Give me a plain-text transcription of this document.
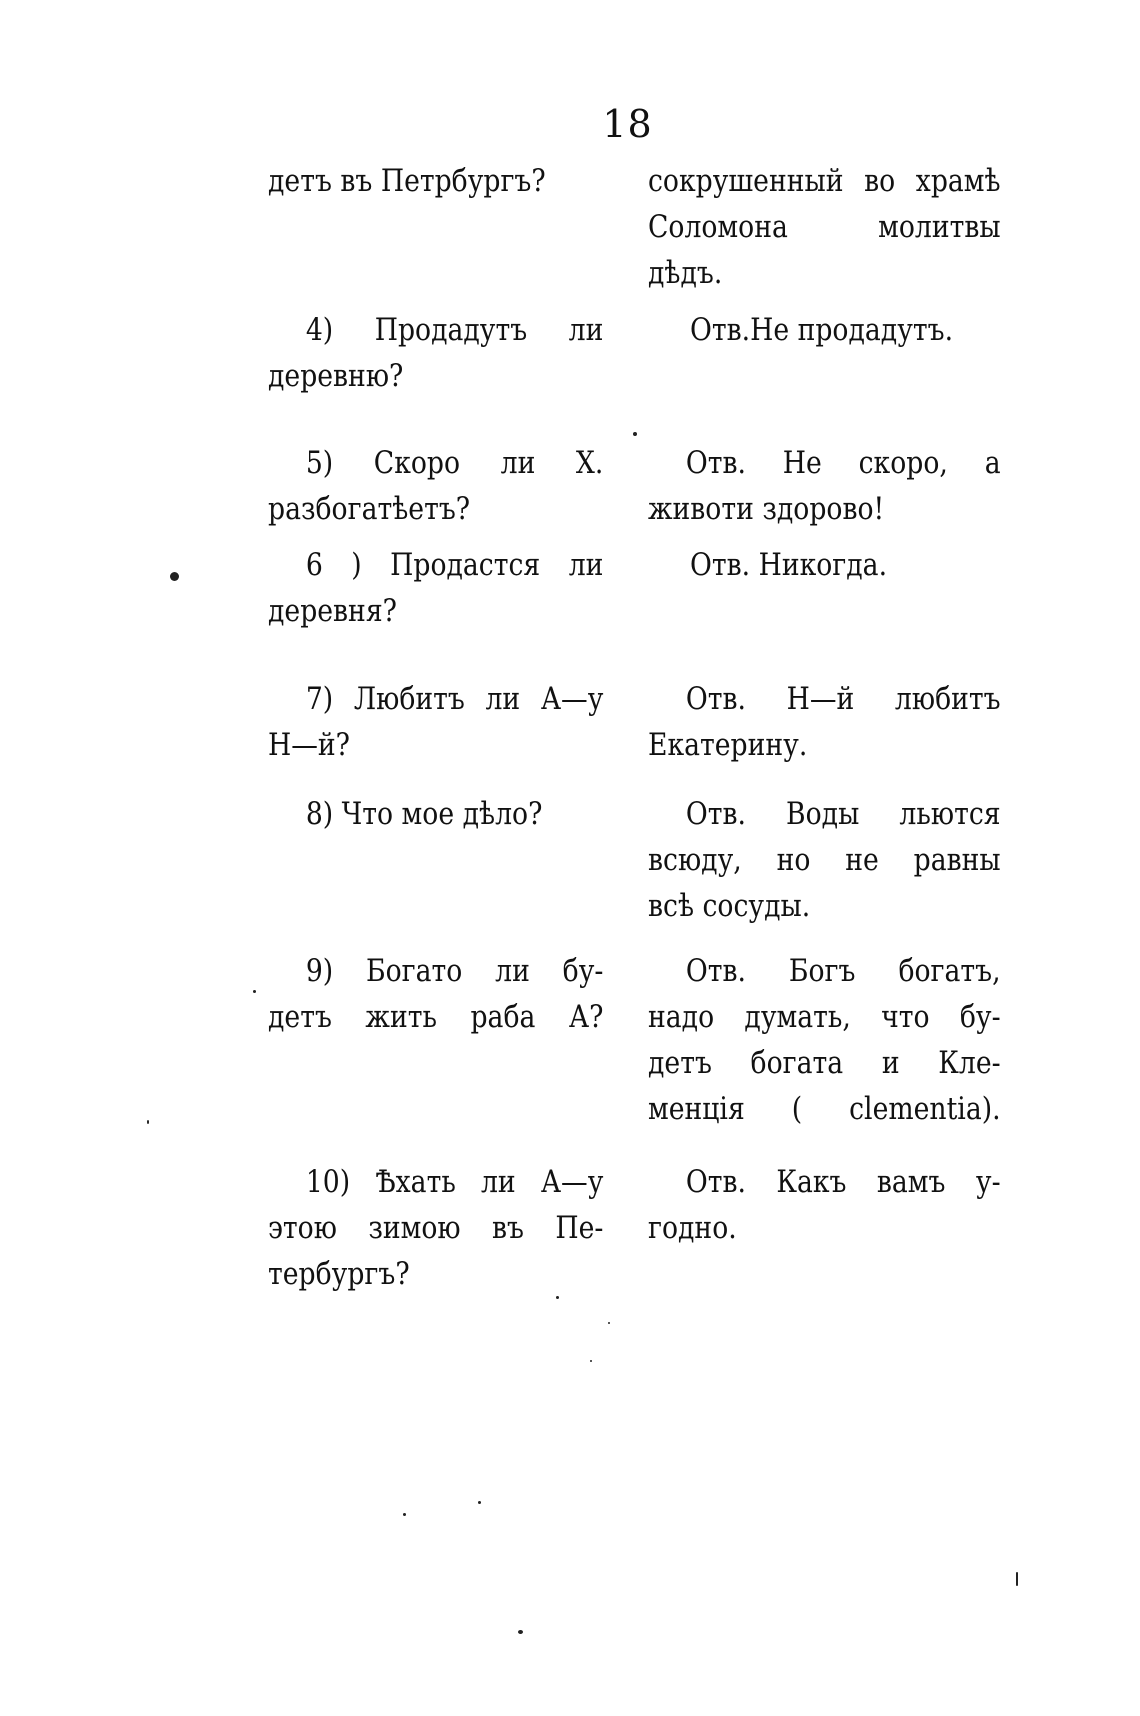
18
детъ въ Петрбургъ?	сокрушенный во храмѣ
Соломона молитвы
дѣдъ.
4) Продадутъ ли
деревню?
Отв.Не продадутъ.
5) Скоро ли X.
разбогатѣетъ?
Отв. Не скоро, а
животи здорово!
6 ) Продастся ли
деревня?
Отв. Никогда.
7) Любитъ ли А—у
Н—й?
Отв. Н—й любитъ
Екатерину.
8) Что мое дѣло?	Отв. Воды льются
всюду, но не равны
всѣ сосуды.
9) Богато ли бу-
детъ жить раба А?
Отв. Богъ богатъ,
надо думать, что бу-
детъ богата и Кле-
менція ( clementia).
10) Ѣхать ли А—у
этою зимою въ Пе-
тербургъ?
Отв. Какъ вамъ у-
годно.
